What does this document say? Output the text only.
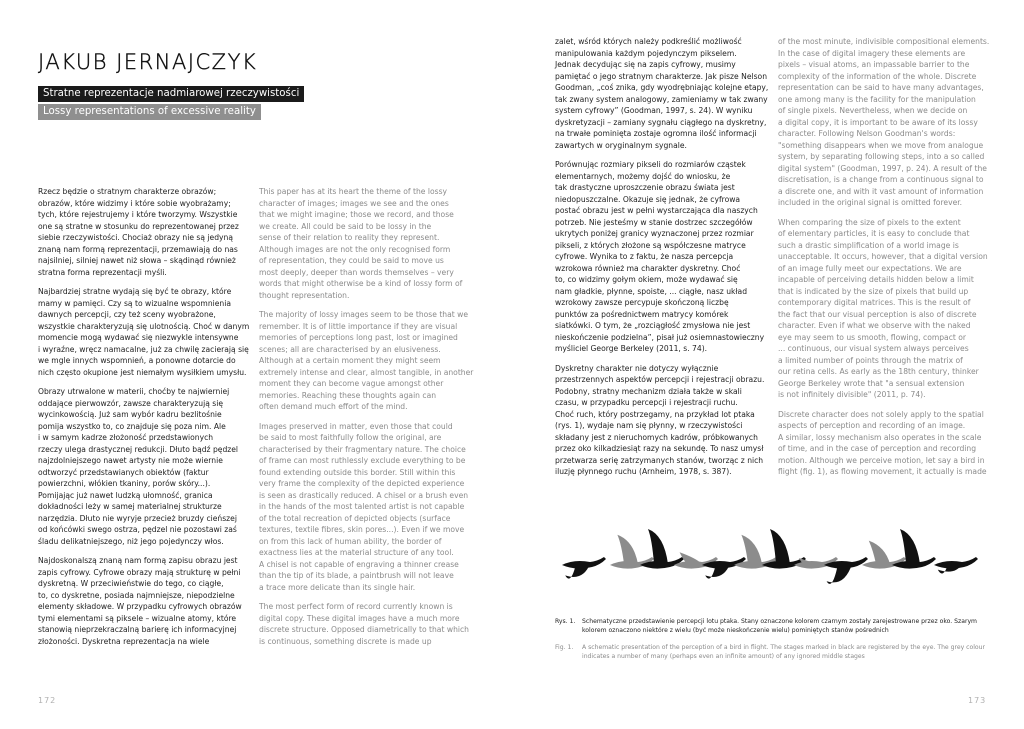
JAKUB JERNAJCZYK
Stratne reprezentacje nadmiarowej rzeczywistości
Lossy representations of excessive reality

Rzecz będzie o stratnym charakterze obrazów;
obrazów, które widzimy i które sobie wyobrażamy;
tych, które rejestrujemy i które tworzymy. Wszystkie
one są stratne w stosunku do reprezentowanej przez
siebie rzeczywistości. Chociaż obrazy nie są jedyną
znaną nam formą reprezentacji, przemawiają do nas
najsilniej, silniej nawet niż słowa – skądinąd również
stratna forma reprezentacji myśli.

Najbardziej stratne wydają się być te obrazy, które
mamy w pamięci. Czy są to wizualne wspomnienia
dawnych percepcji, czy też sceny wyobrażone,
wszystkie charakteryzują się ulotnością. Choć w danym
momencie mogą wydawać się niezwykle intensywne
i wyraźne, wręcz namacalne, już za chwilę zacierają się
we mgle innych wspomnień, a ponowne dotarcie do
nich często okupione jest niemałym wysiłkiem umysłu.

Obrazy utrwalone w materii, choćby te najwierniej
oddające pierwowzór, zawsze charakteryzują się
wycinkowością. Już sam wybór kadru bezlitośnie
pomija wszystko to, co znajduje się poza nim. Ale
i w samym kadrze złożoność przedstawionych
rzeczy ulega drastycznej redukcji. Dłuto bądź pędzel
najzdolniejszego nawet artysty nie może wiernie
odtworzyć przedstawianych obiektów (faktur
powierzchni, włókien tkaniny, porów skóry...).
Pomijając już nawet ludzką ułomność, granica
dokładności leży w samej materialnej strukturze
narzędzia. Dłuto nie wyryje przecież bruzdy cieńszej
od końcówki swego ostrza, pędzel nie pozostawi zaś
śladu delikatniejszego, niż jego pojedynczy włos.

Najdoskonalszą znaną nam formą zapisu obrazu jest
zapis cyfrowy. Cyfrowe obrazy mają strukturę w pełni
dyskretną. W przeciwieństwie do tego, co ciągłe,
to, co dyskretne, posiada najmniejsze, niepodzielne
elementy składowe. W przypadku cyfrowych obrazów
tymi elementami są piksele – wizualne atomy, które
stanowią nieprzekraczalną barierę ich informacyjnej
złożoności. Dyskretna reprezentacja na wiele

This paper has at its heart the theme of the lossy
character of images; images we see and the ones
that we might imagine; those we record, and those
we create. All could be said to be lossy in the
sense of their relation to reality they represent.
Although images are not the only recognised form
of representation, they could be said to move us
most deeply, deeper than words themselves – very
words that might otherwise be a kind of lossy form of
thought representation.

The majority of lossy images seem to be those that we
remember. It is of little importance if they are visual
memories of perceptions long past, lost or imagined
scenes; all are characterised by an elusiveness.
Although at a certain moment they might seem
extremely intense and clear, almost tangible, in another
moment they can become vague amongst other
memories. Reaching these thoughts again can
often demand much effort of the mind.

Images preserved in matter, even those that could
be said to most faithfully follow the original, are
characterised by their fragmentary nature. The choice
of frame can most ruthlessly exclude everything to be
found extending outside this border. Still within this
very frame the complexity of the depicted experience
is seen as drastically reduced. A chisel or a brush even
in the hands of the most talented artist is not capable
of the total recreation of depicted objects (surface
textures, textile fibres, skin pores...). Even if we move
on from this lack of human ability, the border of
exactness lies at the material structure of any tool.
A chisel is not capable of engraving a thinner crease
than the tip of its blade, a paintbrush will not leave
a trace more delicate than its single hair.

The most perfect form of record currently known is
digital copy. These digital images have a much more
discrete structure. Opposed diametrically to that which
is continuous, something discrete is made up

zalet, wśród których należy podkreślić możliwość
manipulowania każdym pojedynczym pikselem.
Jednak decydując się na zapis cyfrowy, musimy
pamiętać o jego stratnym charakterze. Jak pisze Nelson
Goodman, „coś znika, gdy wyodrębniając kolejne etapy,
tak zwany system analogowy, zamieniamy w tak zwany
system cyfrowy” (Goodman, 1997, s. 24). W wyniku
dyskretyzacji – zamiany sygnału ciągłego na dyskretny,
na trwałe pominięta zostaje ogromna ilość informacji
zawartych w oryginalnym sygnale.

Porównując rozmiary pikseli do rozmiarów cząstek
elementarnych, możemy dojść do wniosku, że
tak drastyczne uproszczenie obrazu świata jest
niedopuszczalne. Okazuje się jednak, że cyfrowa
postać obrazu jest w pełni wystarczająca dla naszych
potrzeb. Nie jesteśmy w stanie dostrzec szczegółów
ukrytych poniżej granicy wyznaczonej przez rozmiar
pikseli, z których złożone są współczesne matryce
cyfrowe. Wynika to z faktu, że nasza percepcja
wzrokowa również ma charakter dyskretny. Choć
to, co widzimy gołym okiem, może wydawać się
nam gładkie, płynne, spoiste, ... ciągłe, nasz układ
wzrokowy zawsze percypuje skończoną liczbę
punktów za pośrednictwem matrycy komórek
siatkówki. O tym, że „rozciągłość zmysłowa nie jest
nieskończenie podzielna”, pisał już osiemnastowieczny
myśliciel George Berkeley (2011, s. 74).

Dyskretny charakter nie dotyczy wyłącznie
przestrzennych aspektów percepcji i rejestracji obrazu.
Podobny, stratny mechanizm działa także w skali
czasu, w przypadku percepcji i rejestracji ruchu.
Choć ruch, który postrzegamy, na przykład lot ptaka
(rys. 1), wydaje nam się płynny, w rzeczywistości
składany jest z nieruchomych kadrów, próbkowanych
przez oko kilkadziesiąt razy na sekundę. To nasz umysł
przetwarza serię zatrzymanych stanów, tworząc z nich
iluzję płynnego ruchu (Arnheim, 1978, s. 387).

of the most minute, indivisible compositional elements.
In the case of digital imagery these elements are
pixels – visual atoms, an impassable barrier to the
complexity of the information of the whole. Discrete
representation can be said to have many advantages,
one among many is the facility for the manipulation
of single pixels. Nevertheless, when we decide on
a digital copy, it is important to be aware of its lossy
character. Following Nelson Goodman's words:
"something disappears when we move from analogue
system, by separating following steps, into a so called
digital system" (Goodman, 1997, p. 24). A result of the
discretisation, is a change from a continuous signal to
a discrete one, and with it vast amount of information
included in the original signal is omitted forever.

When comparing the size of pixels to the extent
of elementary particles, it is easy to conclude that
such a drastic simplification of a world image is
unacceptable. It occurs, however, that a digital version
of an image fully meet our expectations. We are
incapable of perceiving details hidden below a limit
that is indicated by the size of pixels that build up
contemporary digital matrices. This is the result of
the fact that our visual perception is also of discrete
character. Even if what we observe with the naked
eye may seem to us smooth, flowing, compact or
... continuous, our visual system always perceives
a limited number of points through the matrix of
our retina cells. As early as the 18th century, thinker
George Berkeley wrote that "a sensual extension
is not infinitely divisible" (2011, p. 74).

Discrete character does not solely apply to the spatial
aspects of perception and recording of an image.
A similar, lossy mechanism also operates in the scale
of time, and in the case of perception and recording
motion. Although we perceive motion, let say a bird in
flight (fig. 1), as flowing movement, it actually is made

Rys. 1.	Schematyczne przedstawienie percepcji lotu ptaka. Stany oznaczone kolorem czarnym zostały zarejestrowane przez oko. Szarym kolorem oznaczono niektóre z wielu (być może nieskończenie wielu) pominiętych stanów pośrednich
Fig. 1.	A schematic presentation of the perception of a bird in flight. The stages marked in black are registered by the eye. The grey colour indicates a number of many (perhaps even an infinite amount) of any ignored middle stages
172	173
